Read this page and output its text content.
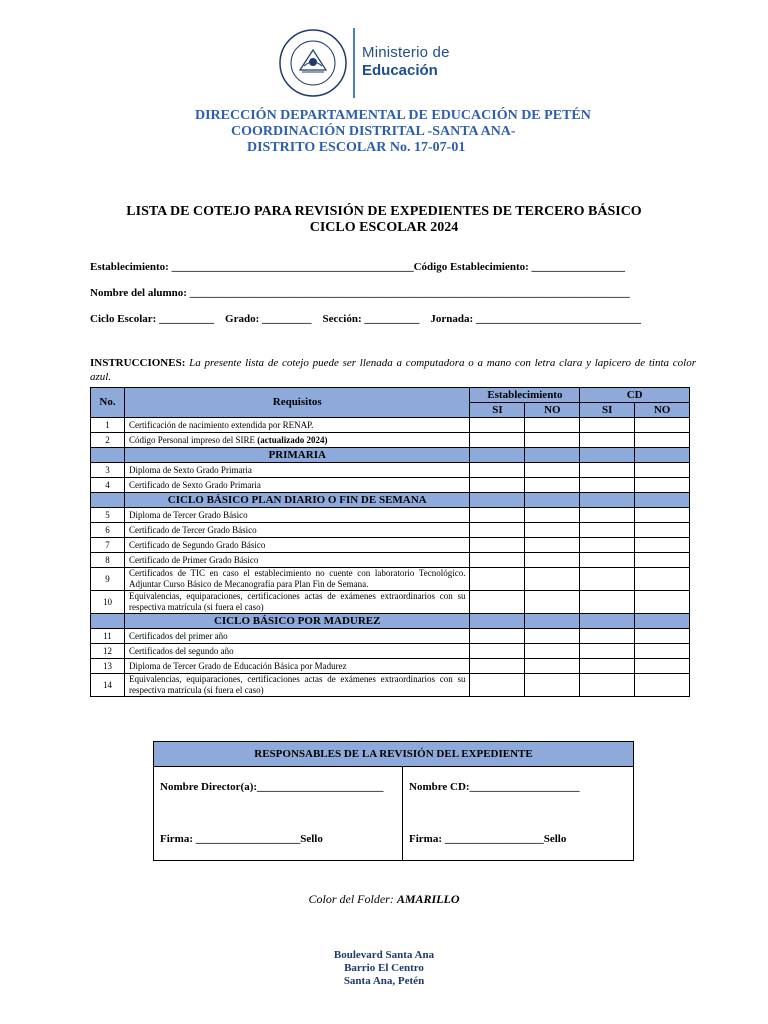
Ministerio de
Educación
DIRECCIÓN DEPARTAMENTAL DE EDUCACIÓN DE PETÉN
COORDINACIÓN DISTRITAL -SANTA ANA-
DISTRITO ESCOLAR No. 17-07-01
LISTA DE COTEJO PARA REVISIÓN DE EXPEDIENTES DE TERCERO BÁSICO
CICLO ESCOLAR 2024
Establecimiento: ____________________________________________Código Establecimiento: _________________
Nombre del alumno: ________________________________________________________________________________
Ciclo Escolar: __________ Grado: _________ Sección: __________ Jornada: ______________________________
INSTRUCCIONES: La presente lista de cotejo puede ser llenada a computadora o a mano con letra clara y lapicero de tinta color azul.
No.	Requisitos	Establecimiento		CD	
		SI	NO	SI	NO
1	Certificación de nacimiento extendida por RENAP.				
2	Código Personal impreso del SIRE (actualizado 2024)				
	PRIMARIA				
3	Diploma de Sexto Grado Primaria				
4	Certificado de Sexto Grado Primaria				
	CICLO BÁSICO PLAN DIARIO O FIN DE SEMANA				
5	Diploma de Tercer Grado Básico				
6	Certificado de Tercer Grado Básico				
7	Certificado de Segundo Grado Básico				
8	Certificado de Primer Grado Básico				
9	Certificados de TIC en caso el establecimiento no cuente con laboratorio Tecnológico. Adjuntar Curso Básico de Mecanografía para Plan Fin de Semana.				
10	Equivalencias, equiparaciones, certificaciones actas de exámenes extraordinarios con su respectiva matrícula (si fuera el caso)				
	CICLO BÁSICO POR MADUREZ				
11	Certificados del primer año				
12	Certificados del segundo año				
13	Diploma de Tercer Grado de Educación Básica por Madurez				
14	Equivalencias, equiparaciones, certificaciones actas de exámenes extraordinarios con su respectiva matrícula (si fuera el caso)				
RESPONSABLES DE LA REVISIÓN DEL EXPEDIENTE
Nombre Director(a):_______________________ Nombre CD:____________________
Firma: ___________________Sello	Firma: __________________Sello
Color del Folder: AMARILLO
Boulevard Santa Ana
Barrio El Centro
Santa Ana, Petén
